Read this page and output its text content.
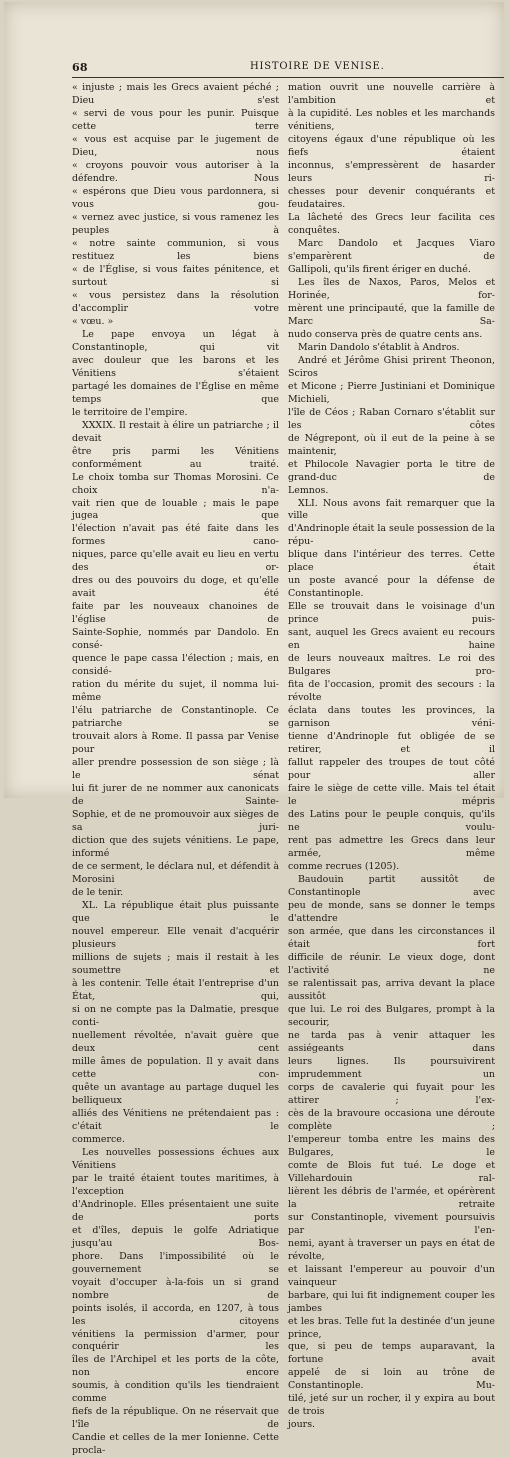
68	HISTOIRE DE VENISE.

« injuste ; mais les Grecs avaient péché ; Dieu s'est

« servi de vous pour les punir. Puisque cette terre

« vous est acquise par le jugement de Dieu, nous

« croyons pouvoir vous autoriser à la défendre. Nous

« espérons que Dieu vous pardonnera, si vous gou-

« vernez avec justice, si vous ramenez les peuples à

« notre sainte communion, si vous restituez les biens

« de l'Église, si vous faites pénitence, et surtout si

« vous persistez dans la résolution d'accomplir votre

« vœu. »

Le pape envoya un légat à Constantinople, qui vit

avec douleur que les barons et les Vénitiens s'étaient

partagé les domaines de l'Église en même temps que

le territoire de l'empire.

XXXIX. Il restait à élire un patriarche ; il devait

être pris parmi les Vénitiens conformément au traité.

Le choix tomba sur Thomas Morosini. Ce choix n'a-

vait rien que de louable ; mais le pape jugea que

l'élection n'avait pas été faite dans les formes cano-

niques, parce qu'elle avait eu lieu en vertu des or-

dres ou des pouvoirs du doge, et qu'elle avait été

faite par les nouveaux chanoines de l'église de

Sainte-Sophie, nommés par Dandolo. En consé-

quence le pape cassa l'élection ; mais, en considé-

ration du mérite du sujet, il nomma lui-même

l'élu patriarche de Constantinople. Ce patriarche se

trouvait alors à Rome. Il passa par Venise pour

aller prendre possession de son siège ; là le sénat

lui fit jurer de ne nommer aux canonicats de Sainte-

Sophie, et de ne promouvoir aux sièges de sa juri-

diction que des sujets vénitiens. Le pape, informé

de ce serment, le déclara nul, et défendit à Morosini

de le tenir.

XL. La république était plus puissante que le

nouvel empereur. Elle venait d'acquérir plusieurs

millions de sujets ; mais il restait à les soumettre et

à les contenir. Telle était l'entreprise d'un État, qui,

si on ne compte pas la Dalmatie, presque conti-

nuellement révoltée, n'avait guère que deux cent

mille âmes de population. Il y avait dans cette con-

quête un avantage au partage duquel les belliqueux

alliés des Vénitiens ne prétendaient pas : c'était le

commerce.

Les nouvelles possessions échues aux Vénitiens

par le traité étaient toutes maritimes, à l'exception

d'Andrinople. Elles présentaient une suite de ports

et d'îles, depuis le golfe Adriatique jusqu'au Bos-

phore. Dans l'impossibilité où le gouvernement se

voyait d'occuper à-la-fois un si grand nombre de

points isolés, il accorda, en 1207, à tous les citoyens

vénitiens la permission d'armer, pour conquérir les

îles de l'Archipel et les ports de la côte, non encore

soumis, à condition qu'ils les tiendraient comme

fiefs de la république. On ne réservait que l'île de

Candie et celles de la mer Ionienne. Cette procla-

mation ouvrit une nouvelle carrière à l'ambition et

à la cupidité. Les nobles et les marchands vénitiens,

citoyens égaux d'une république où les fiefs étaient

inconnus, s'empressèrent de hasarder leurs ri-

chesses pour devenir conquérants et feudataires.

La lâcheté des Grecs leur facilita ces conquêtes.

Marc Dandolo et Jacques Viaro s'emparèrent de

Gallipoli, qu'ils firent ériger en duché.

Les îles de Naxos, Paros, Melos et Horinée, for-

mèrent une principauté, que la famille de Marc Sa-

nudo conserva près de quatre cents ans.

Marin Dandolo s'établit à Andros.

André et Jérôme Ghisi prirent Theonon, Sciros

et Micone ; Pierre Justiniani et Dominique Michieli,

l'île de Céos ; Raban Cornaro s'établit sur les côtes

de Négrepont, où il eut de la peine à se maintenir,

et Philocole Navagier porta le titre de grand-duc de

Lemnos.

XLI. Nous avons fait remarquer que la ville

d'Andrinople était la seule possession de la répu-

blique dans l'intérieur des terres. Cette place était

un poste avancé pour la défense de Constantinople.

Elle se trouvait dans le voisinage d'un prince puis-

sant, auquel les Grecs avaient eu recours en haine

de leurs nouveaux maîtres. Le roi des Bulgares pro-

fita de l'occasion, promit des secours : la révolte

éclata dans toutes les provinces, la garnison véni-

tienne d'Andrinople fut obligée de se retirer, et il

fallut rappeler des troupes de tout côté pour aller

faire le siège de cette ville. Mais tel était le mépris

des Latins pour le peuple conquis, qu'ils ne voulu-

rent pas admettre les Grecs dans leur armée, même

comme recrues (1205).

Baudouin partit aussitôt de Constantinople avec

peu de monde, sans se donner le temps d'attendre

son armée, que dans les circonstances il était fort

difficile de réunir. Le vieux doge, dont l'activité ne

se ralentissait pas, arriva devant la place aussitôt

que lui. Le roi des Bulgares, prompt à la secourir,

ne tarda pas à venir attaquer les assiégeants dans

leurs lignes. Ils poursuivirent imprudemment un

corps de cavalerie qui fuyait pour les attirer ; l'ex-

cès de la bravoure occasiona une déroute complète ;

l'empereur tomba entre les mains des Bulgares, le

comte de Blois fut tué. Le doge et Villehardouin ral-

lièrent les débris de l'armée, et opérèrent la retraite

sur Constantinople, vivement poursuivis par l'en-

nemi, ayant à traverser un pays en état de révolte,

et laissant l'empereur au pouvoir d'un vainqueur

barbare, qui lui fit indignement couper les jambes

et les bras. Telle fut la destinée d'un jeune prince,

que, si peu de temps auparavant, la fortune avait

appelé de si loin au trône de Constantinople. Mu-

tilé, jeté sur un rocher, il y expira au bout de trois

jours.
